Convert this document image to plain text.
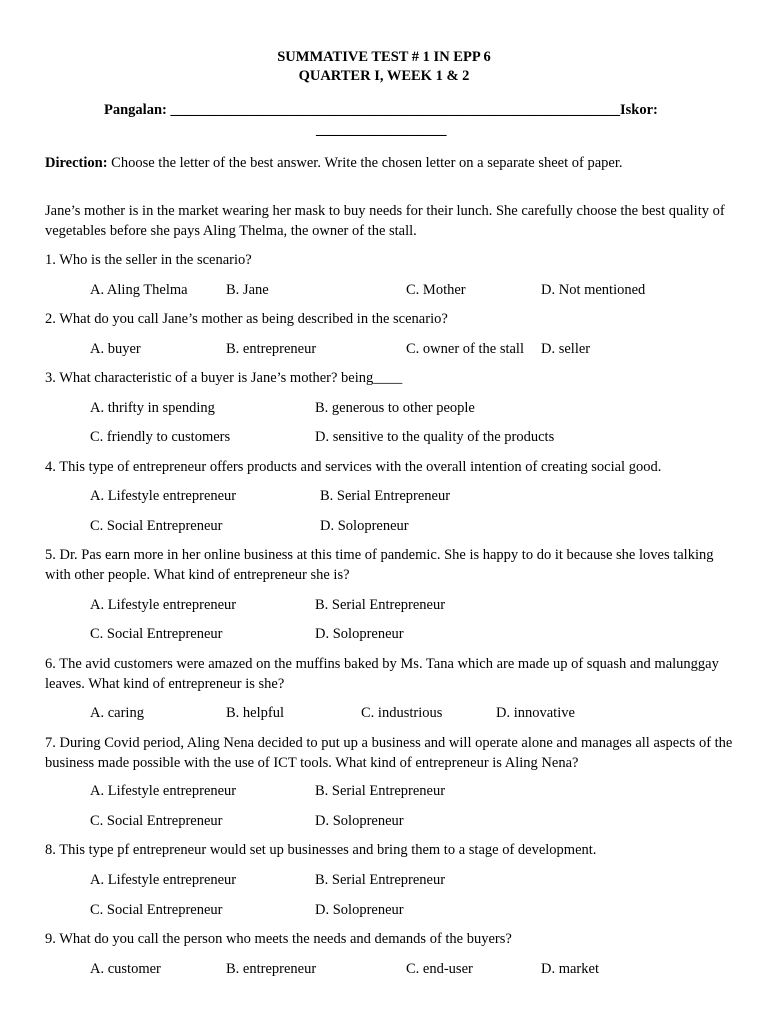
SUMMATIVE TEST # 1 IN EPP 6
QUARTER I, WEEK 1 & 2
Pangalan: ______________________________________________________________Iskor:
__________________
Direction: Choose the letter of the best answer. Write the chosen letter on a separate sheet of paper.
Jane’s mother is in the market wearing her mask to buy needs for their lunch. She carefully choose the best quality of vegetables before she pays Aling Thelma, the owner of the stall.
1. Who is the seller in the scenario?
A. Aling Thelma	B. Jane	C. Mother	D. Not mentioned
2. What do you call Jane’s mother as being described in the scenario?
A. buyer	B. entrepreneur	C. owner of the stall D. seller
3. What characteristic of a buyer is Jane’s mother? being____
A. thrifty in spending	B. generous to other people
C. friendly to customers	D. sensitive to the quality of the products
4. This type of entrepreneur offers products and services with the overall intention of creating social good.
A. Lifestyle entrepreneur	B. Serial Entrepreneur
C. Social Entrepreneur	D. Solopreneur
5. Dr. Pas earn more in her online business at this time of pandemic. She is happy to do it because she loves talking with other people. What kind of entrepreneur she is?
A. Lifestyle entrepreneur	B. Serial Entrepreneur
C. Social Entrepreneur	D. Solopreneur
6. The avid customers were amazed on the muffins baked by Ms. Tana which are made up of squash and malunggay leaves. What kind of entrepreneur is she?
A. caring	B. helpful	C. industrious	D. innovative
7. During Covid period, Aling Nena decided to put up a business and will operate alone and manages all aspects of the business made possible with the use of ICT tools. What kind of entrepreneur is Aling Nena?
A. Lifestyle entrepreneur	B. Serial Entrepreneur
C. Social Entrepreneur	D. Solopreneur
8. This type pf entrepreneur would set up businesses and bring them to a stage of development.
A. Lifestyle entrepreneur	B. Serial Entrepreneur
C. Social Entrepreneur	D. Solopreneur
9. What do you call the person who meets the needs and demands of the buyers?
A. customer	B. entrepreneur	C. end-user	D. market
